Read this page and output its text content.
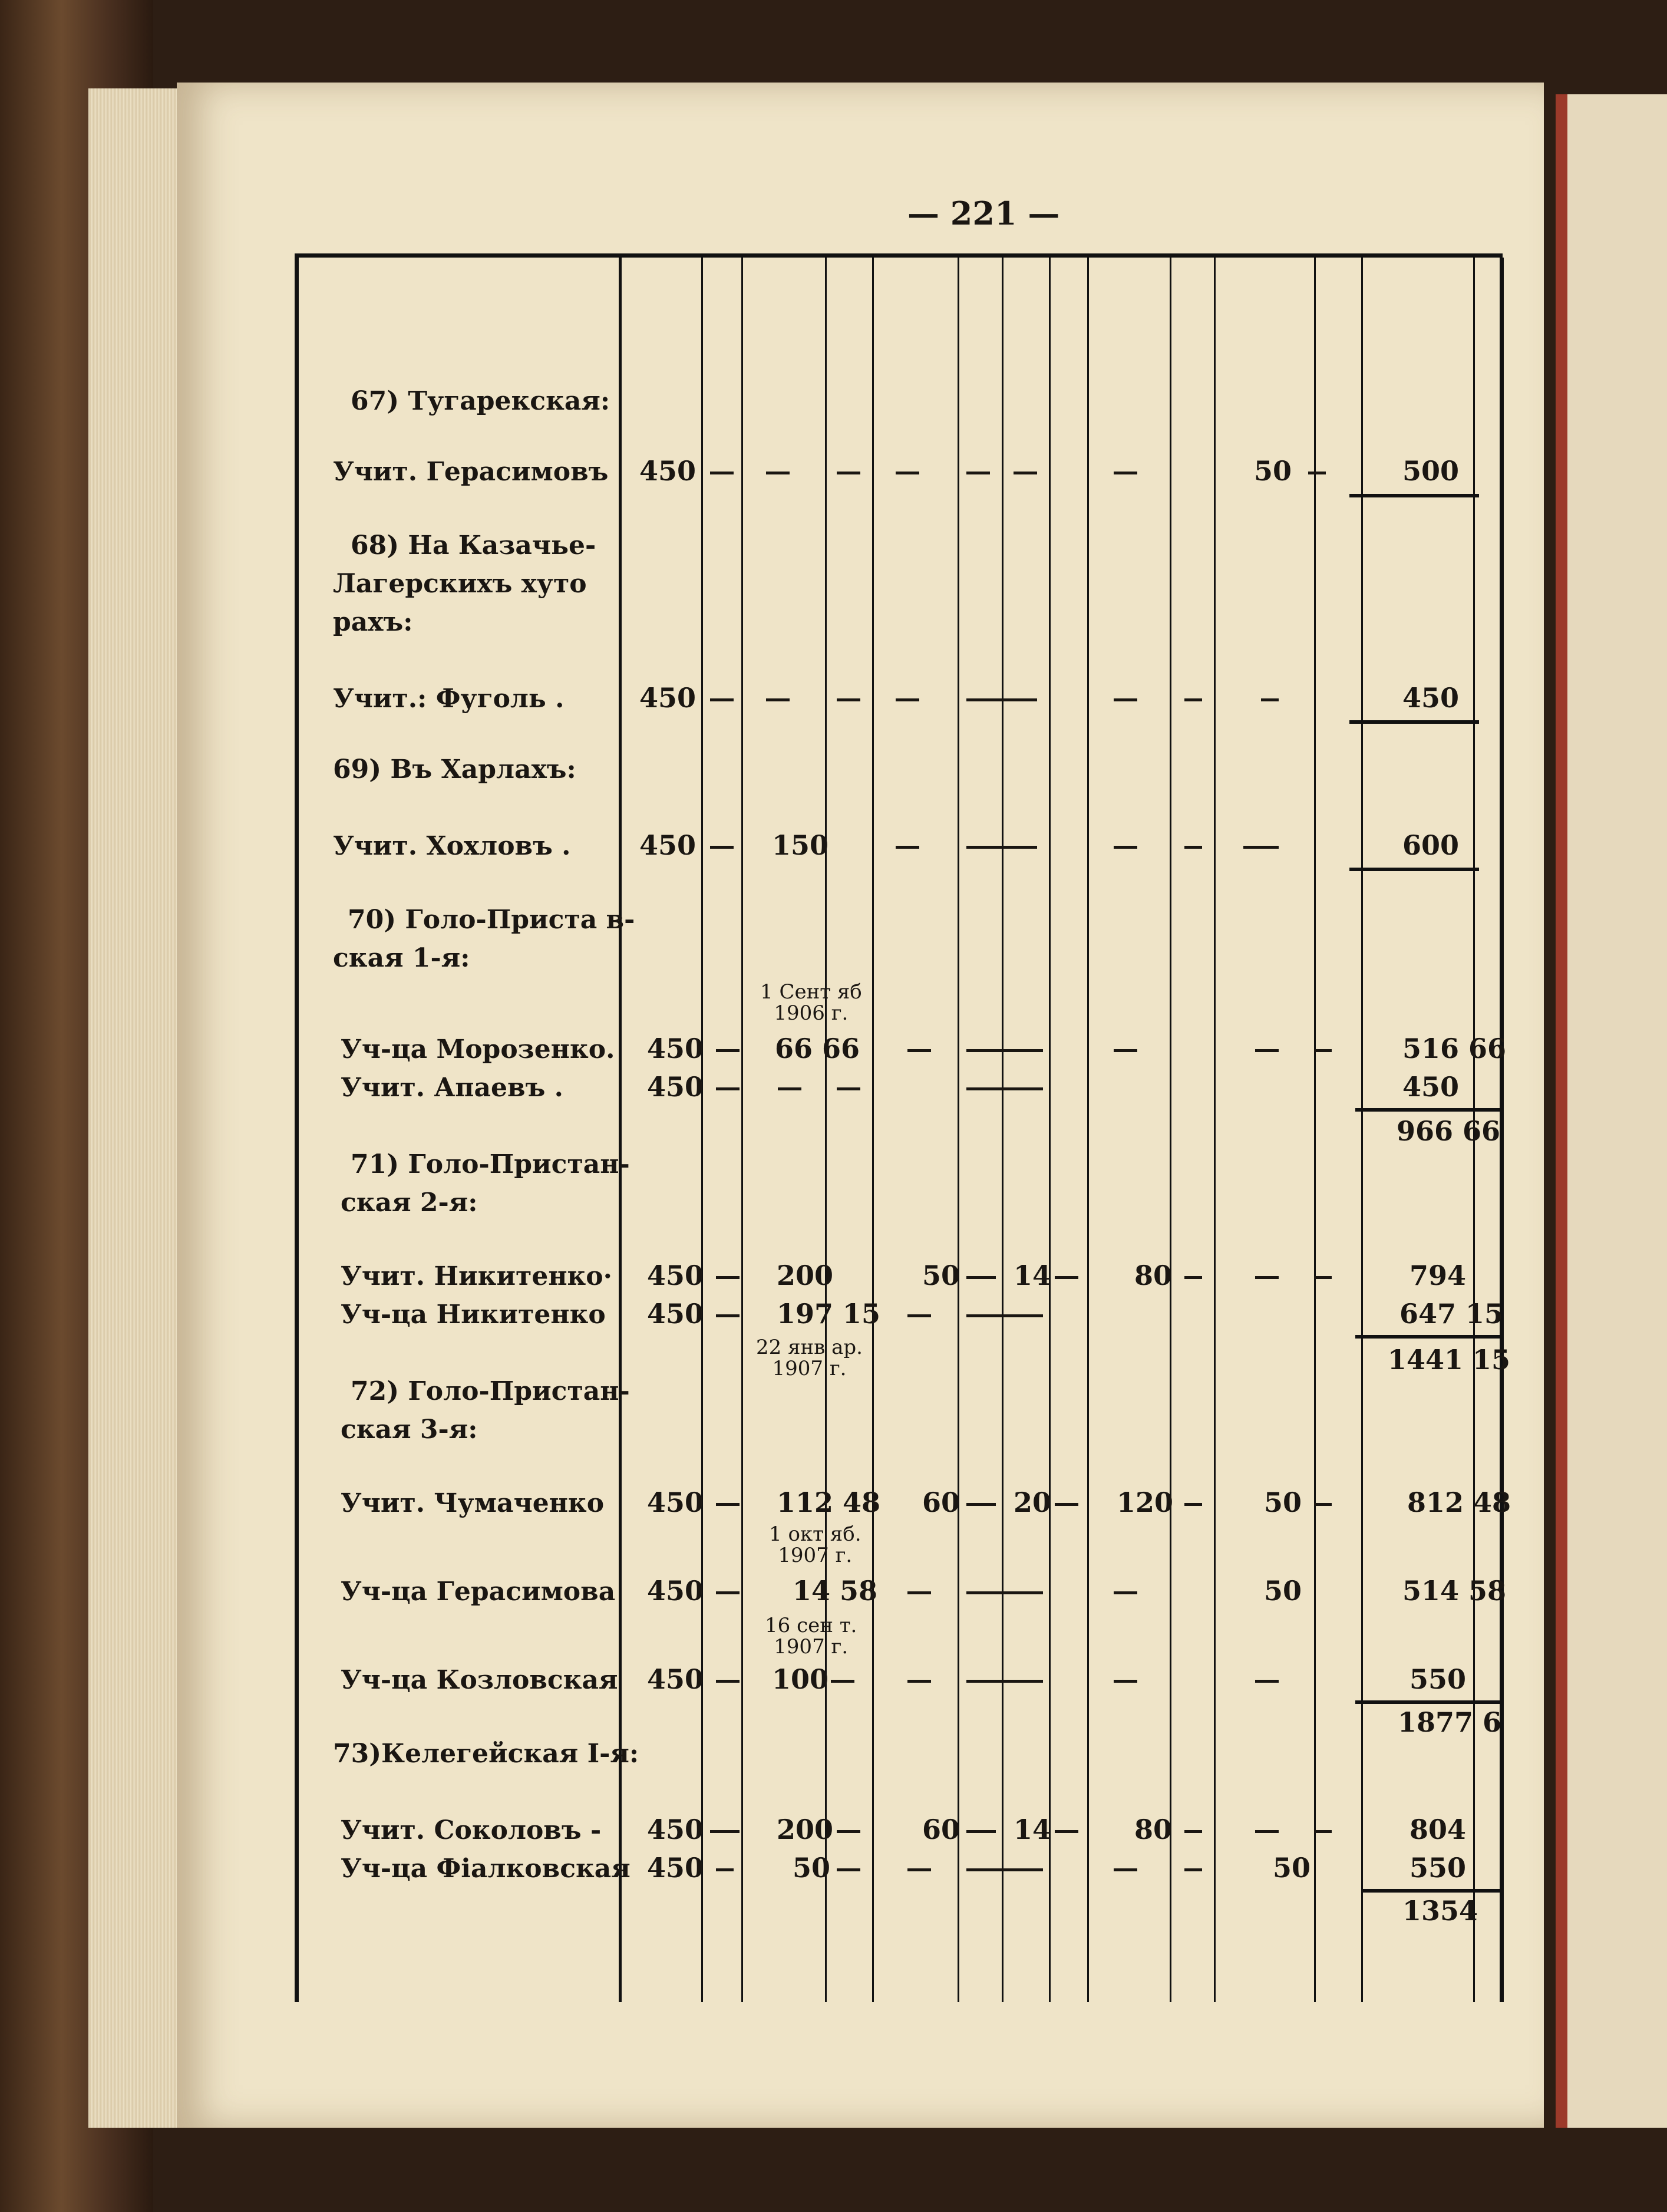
— 221 —
67) Тугарекская:
Учит. Герасимовъ
68) На Казачье-
Лагерскихъ хуто
рахъ:
Учит.: Фуголь .
69) Въ Харлахъ:
Учит. Хохловъ .
70) Голо-Приста в-
ская 1-я:
Уч-ца Морозенко.
Учит. Апаевъ .
71) Голо-Пристан-
ская 2-я:
Учит. Никитенко·
Уч-ца Никитенко
72) Голо-Пристан-
ская 3-я:
Учит. Чумаченко
Уч-ца Герасимова
Уч-ца Козловская
73)Келегейская I-я:
Учит. Соколовъ -
Уч-ца Фіалковская
450
450
450
450
450
450
450
450
450
450
450
450
150
1 Сент яб
1906 г.
66 66
200
197 15
22 янв ар.
1907 г.
112 48
1 окт яб.
1907 г.
14 58
16 сен т.
1907 г.
100
200
50
50 14	80
60 20 120
60 14	80
50
50
50
50
500
450
600
516 66
450
966 66
794
647 15
1441 15
812 48
514 58
550
1877 6
804
550
1354
